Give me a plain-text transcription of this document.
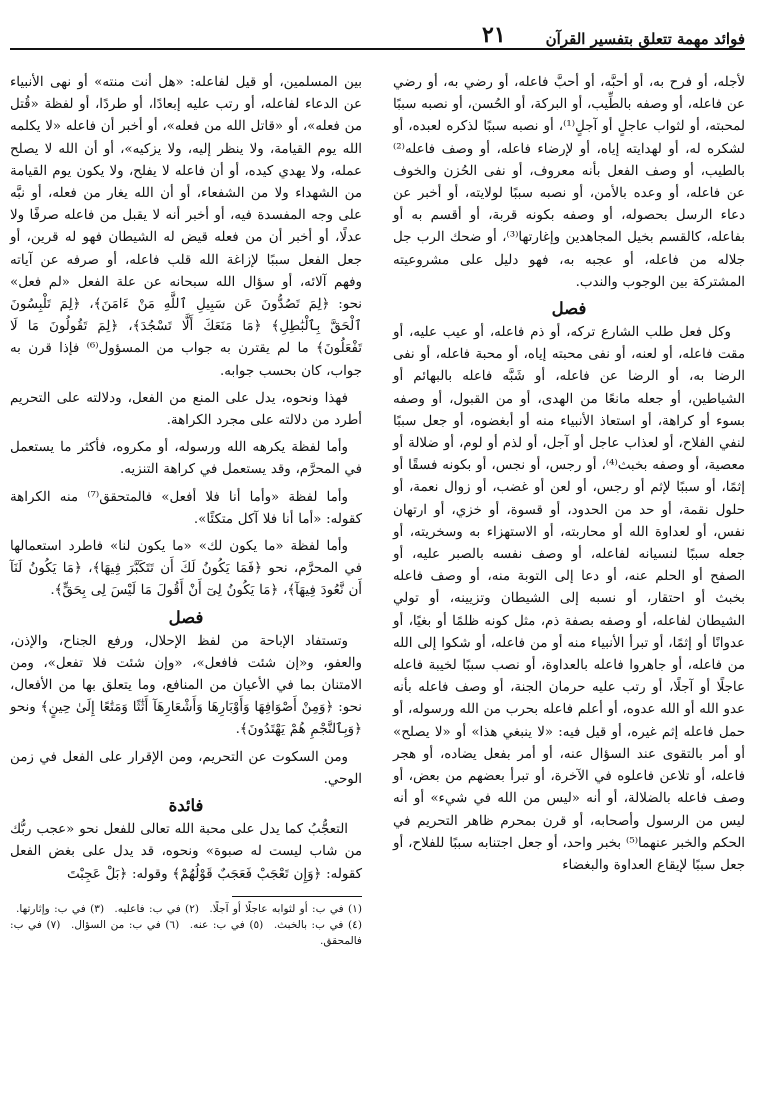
فوائد مهمة تتعلق بتفسير القرآن
٢١

لأجله، أو فرح به، أو أحبَّه، أو أحبَّ فاعله، أو رضي به، أو رضي عن فاعله، أو وصفه بالطِّيب، أو البركة، أو الحُسن، أو نصبه سببًا لمحبته، أو لثواب عاجلٍ أو آجلٍ⁽¹⁾، أو نصبه سببًا لذكره لعبده، أو لشكره له، أو لهدايته إياه، أو لإرضاء فاعله، أو وصف فاعله⁽²⁾ بالطيب، أو وصف الفعل بأنه معروف، أو نفى الحُزن والخوف عن فاعله، أو وعده بالأمن، أو نصبه سببًا لولايته، أو أخبر عن دعاء الرسل بحصوله، أو وصفه بكونه قربة، أو أقسم به أو بفاعله، كالقسم بخيل المجاهدين وإغارتها⁽³⁾، أو ضحك الرب جل جلاله من فاعله، أو عجبه به، فهو دليل على مشروعيته المشتركة بين الوجوب والندب.

فصل

وكل فعل طلب الشارع تركه، أو ذم فاعله، أو عيب عليه، أو مقت فاعله، أو لعنه، أو نفى محبته إياه، أو محبة فاعله، أو نفى الرضا به، أو الرضا عن فاعله، أو شَبَّه فاعله بالبهائم أو الشياطين، أو جعله مانعًا من الهدى، أو من القبول، أو وصفه بسوء أو كراهة، أو استعاذ الأنبياء منه أو أبغضوه، أو جعل سببًا لنفي الفلاح، أو لعذاب عاجل أو آجل، أو لذم أو لوم، أو ضلالة أو معصية، أو وصفه بخبث⁽⁴⁾، أو رجس، أو نجس، أو بكونه فسقًا أو إثمًا، أو سببًا لإثم أو رجس، أو لعن أو غضب، أو زوال نعمة، أو حلول نقمة، أو حد من الحدود، أو قسوة، أو خزي، أو ارتهان نفس، أو لعداوة الله أو محاربته، أو الاستهزاء به وسخريته، أو جعله سببًا لنسيانه لفاعله، أو وصف نفسه بالصبر عليه، أو الصفح أو الحلم عنه، أو دعا إلى التوبة منه، أو وصف فاعله بخبث أو احتقار، أو نسبه إلى الشيطان وتزيينه، أو تولي الشيطان لفاعله، أو وصفه بصفة ذم، مثل كونه ظلمًا أو بغيًا، أو عدوانًا أو إثمًا، أو تبرأ الأنبياء منه أو من فاعله، أو شكوا إلى الله من فاعله، أو جاهروا فاعله بالعداوة، أو نصب سببًا لخيبة فاعله عاجلًا أو آجلًا، أو رتب عليه حرمان الجنة، أو وصف فاعله بأنه عدو الله أو الله عدوه، أو أعلم فاعله بحرب من الله ورسوله، أو حمل فاعله إثم غيره، أو قيل فيه: «لا ينبغي هذا» أو «لا يصلح» أو أمر بالتقوى عند السؤال عنه، أو أمر بفعل يضاده، أو هجر فاعله، أو تلاعن فاعلوه في الآخرة، أو تبرأ بعضهم من بعض، أو وصف فاعله بالضلالة، أو أنه «ليس من الله في شيء» أو أنه ليس من الرسول وأصحابه، أو قرن بمحرم ظاهر التحريم في الحكم والخبر عنهما⁽⁵⁾ بخبر واحد، أو جعل اجتنابه سببًا للفلاح، أو جعل سببًا لإيقاع العداوة والبغضاء

بين المسلمين، أو قيل لفاعله: «هل أنت منته» أو نهى الأنبياء عن الدعاء لفاعله، أو رتب عليه إبعادًا، أو طردًا، أو لفظة «قُتل من فعله»، أو «قاتل الله من فعله»، أو أخبر أن فاعله «لا يكلمه الله يوم القيامة، ولا ينظر إليه، ولا يزكيه»، أو أن الله لا يصلح عمله، ولا يهدي كيده، أو أن فاعله لا يفلح، ولا يكون يوم القيامة من الشهداء ولا من الشفعاء، أو أن الله يغار من فعله، أو نبَّه على وجه المفسدة فيه، أو أخبر أنه لا يقبل من فاعله صرفًا ولا عدلًا، أو أخبر أن من فعله قيض له الشيطان فهو له قرين، أو جعل الفعل سببًا لإزاغة الله قلب فاعله، أو صرفه عن آياته وفهم آلائه، أو سؤال الله سبحانه عن علة الفعل «لم فعل» نحو: ﴿لِمَ تَصُدُّونَ عَن سَبِيلِ ٱللَّهِ مَنْ ءَامَنَ﴾، ﴿لِمَ تَلْبِسُونَ ٱلْحَقَّ بِٱلْبَٰطِلِ﴾ ﴿مَا مَنَعَكَ أَلَّا تَسْجُدَ﴾، ﴿لِمَ تَقُولُونَ مَا لَا تَفْعَلُونَ﴾ ما لم يقترن به جواب من المسؤول⁽⁶⁾ فإذا قرن به جواب، كان بحسب جوابه.

فهذا ونحوه، يدل على المنع من الفعل، ودلالته على التحريم أطرد من دلالته على مجرد الكراهة.

وأما لفظة يكرهه الله ورسوله، أو مكروه، فأكثر ما يستعمل في المحرَّم، وقد يستعمل في كراهة التنزيه.

وأما لفظة «وأما أنا فلا أفعل» فالمتحقق⁽⁷⁾ منه الكراهة كقوله: «أما أنا فلا آكل متكئًا».

وأما لفظة «ما يكون لك» «ما يكون لنا» فاطرد استعمالها في المحرَّم، نحو ﴿فَمَا يَكُونُ لَكَ أَن تَتَكَبَّرَ فِيهَا﴾، ﴿مَا يَكُونُ لَنَآ أَن نَّعُودَ فِيهَآ﴾، ﴿مَا يَكُونُ لِىٓ أَنْ أَقُولَ مَا لَيْسَ لِى بِحَقٍّ﴾.

فصل

وتستفاد الإباحة من لفظ الإحلال، ورفع الجناح، والإذن، والعفو، و«إن شئت فافعل»، «وإن شئت فلا تفعل»، ومن الامتنان بما في الأعيان من المنافع، وما يتعلق بها من الأفعال، نحو: ﴿وَمِنْ أَصْوَافِهَا وَأَوْبَارِهَا وَأَشْعَارِهَآ أَثَٰثًا وَمَتَٰعًا إِلَىٰ حِينٍ﴾ ونحو ﴿وَبِٱلنَّجْمِ هُمْ يَهْتَدُونَ﴾.

ومن السكوت عن التحريم، ومن الإقرار على الفعل في زمن الوحي.

فائدة

التعجُّبُ كما يدل على محبة الله تعالى للفعل نحو «عجب ربُّك من شاب ليست له صبوة» ونحوه، قد يدل على بغض الفعل كقوله: ﴿وَإِن تَعْجَبْ فَعَجَبٌ قَوْلُهُمْ﴾ وقوله: ﴿بَلْ عَجِبْتَ

(١) في ب: أو لثوابه عاجلًا أو آجلًا. (٢) في ب: فاعليه. (٣) في ب: وإثارتها. (٤) في ب: بالخبث. (٥) في ب: عنه. (٦) في ب: من السؤال. (٧) في ب: فالمحقق.
